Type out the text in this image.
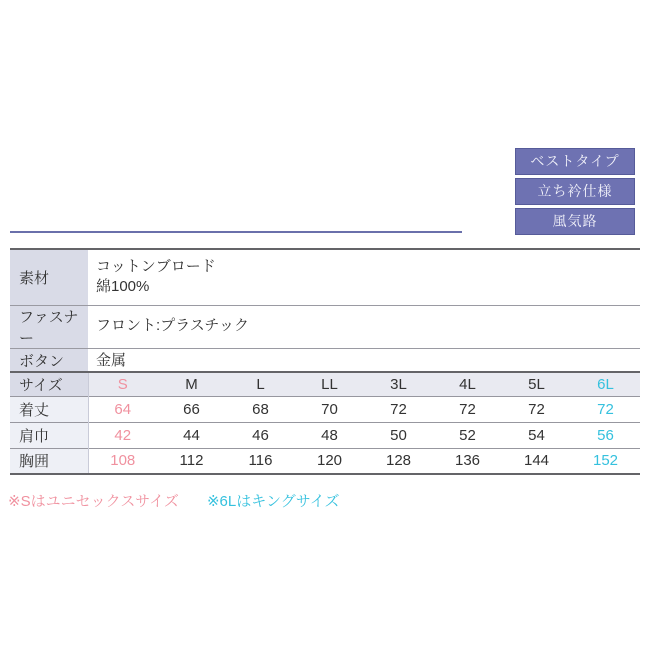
ベストタイプ
立ち衿仕様
風気路
素材	コットンブロード
綿100%

ファスナー	フロント:プラスチック
ボタン	金属
サイズ	S	M	L	LL	3L	4L	5L	6L
着丈	64	66	68	70	72	72	72	72
肩巾	42	44	46	48	50	52	54	56
胸囲	108	112	116	120	128	136	144	152
※Sはユニセックスサイズ ※6Lはキングサイズ
